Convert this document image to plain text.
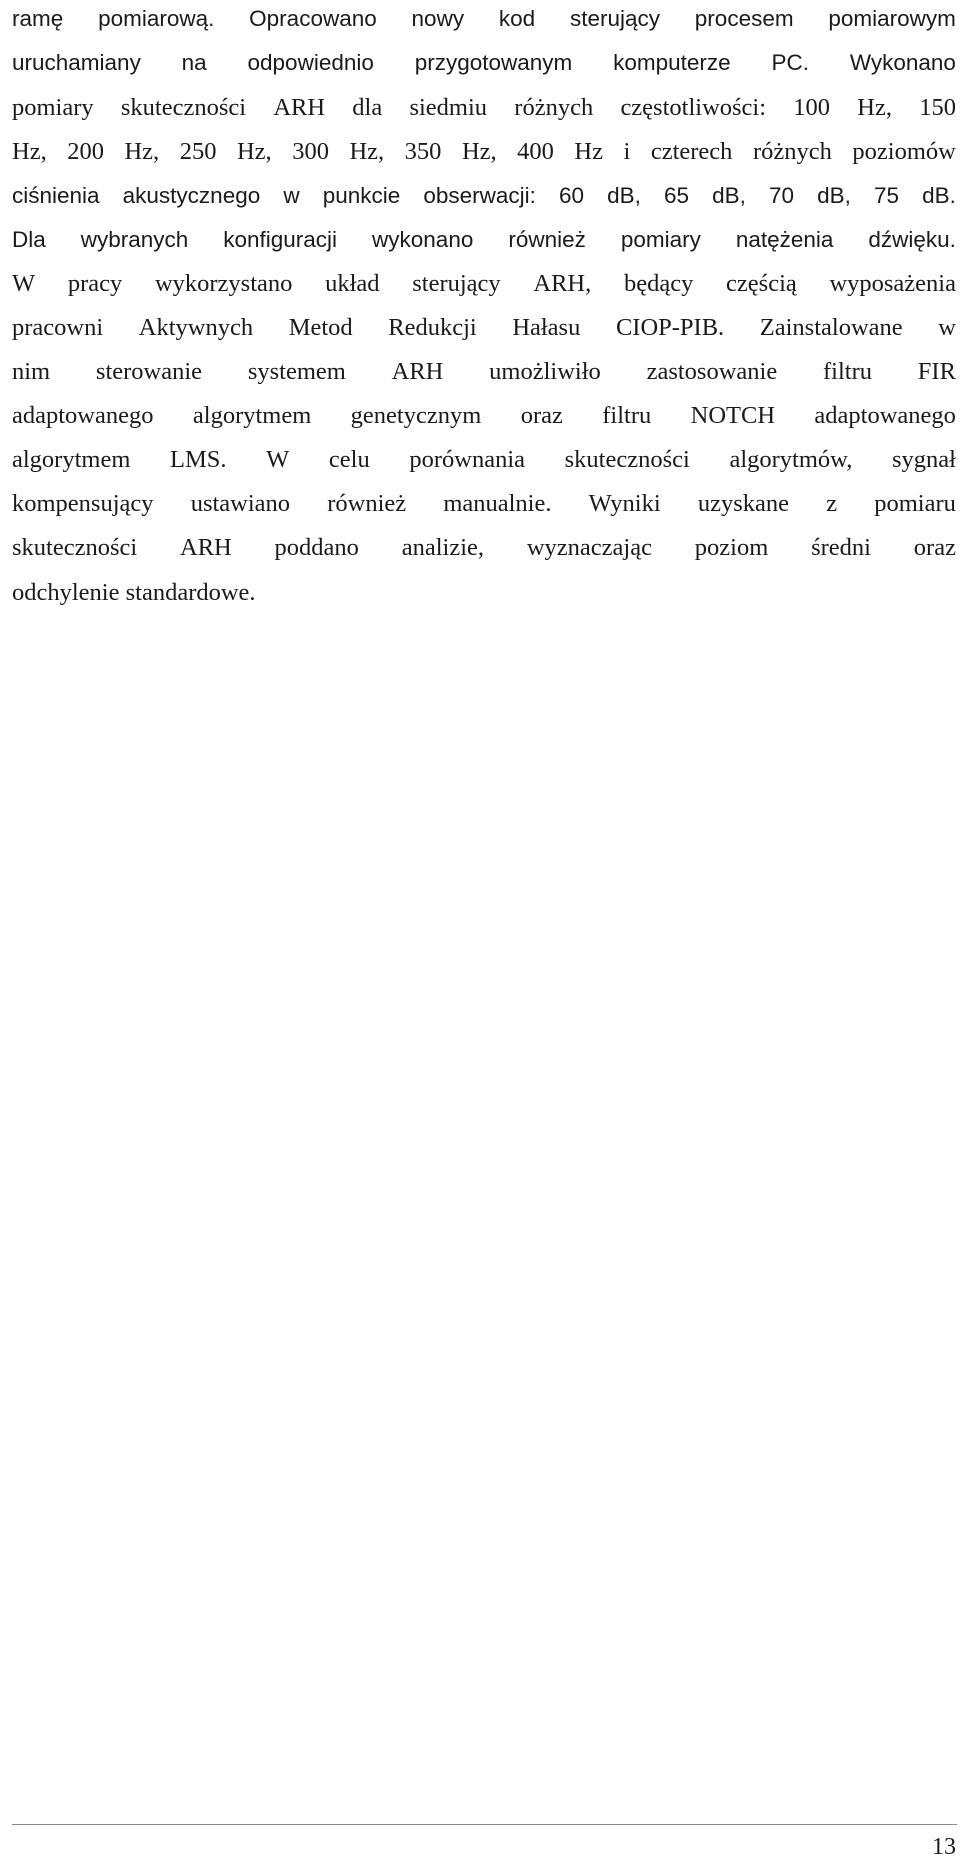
ramę pomiarową. Opracowano nowy kod sterujący procesem pomiarowym
uruchamiany na odpowiednio przygotowanym komputerze PC. Wykonano
pomiary skuteczności ARH dla siedmiu różnych częstotliwości: 100 Hz, 150
Hz, 200 Hz, 250 Hz, 300 Hz, 350 Hz, 400 Hz i czterech różnych poziomów
ciśnienia akustycznego w punkcie obserwacji: 60 dB, 65 dB, 70 dB, 75 dB.
Dla wybranych konfiguracji wykonano również pomiary natężenia dźwięku.
W pracy wykorzystano układ sterujący ARH, będący częścią wyposażenia
pracowni Aktywnych Metod Redukcji Hałasu CIOP-PIB. Zainstalowane w
nim sterowanie systemem ARH umożliwiło zastosowanie filtru FIR
adaptowanego algorytmem genetycznym oraz filtru NOTCH adaptowanego
algorytmem LMS. W celu porównania skuteczności algorytmów, sygnał
kompensujący ustawiano również manualnie. Wyniki uzyskane z pomiaru
skuteczności ARH poddano analizie, wyznaczając poziom średni oraz
odchylenie standardowe.
13
